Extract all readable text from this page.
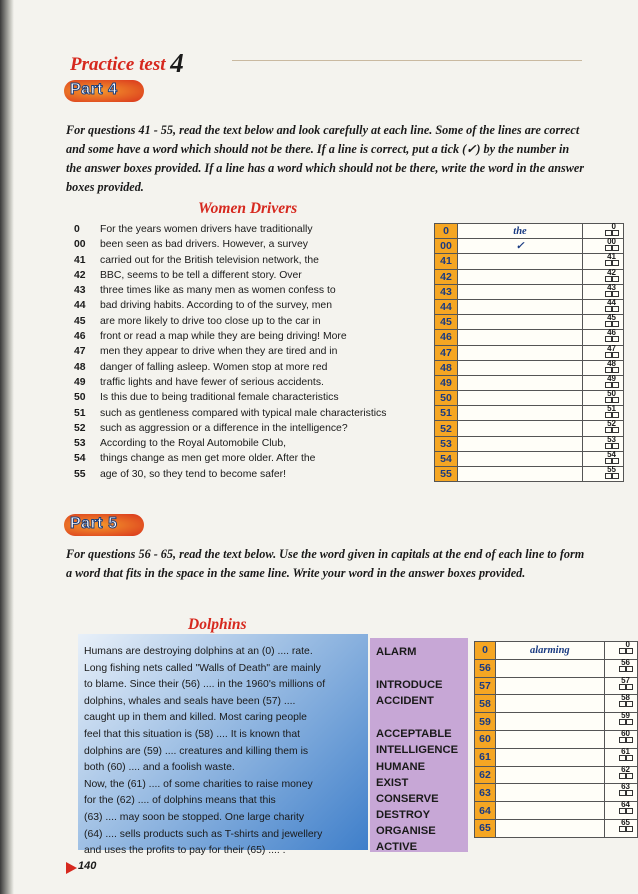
Practice test 4
Part 4
For questions 41 - 55, read the text below and look carefully at each line. Some of the lines are correct and some have a word which should not be there. If a line is correct, put a tick (✓) by the number in the answer boxes provided. If a line has a word which should not be there, write the word in the answer boxes provided.
Women Drivers
0 For the years women drivers have traditionally
00 been seen as bad drivers. However, a survey
41 carried out for the British television network, the
42 BBC, seems to be tell a different story. Over
43 three times like as many men as women confess to
44 bad driving habits. According to of the survey, men
45 are more likely to drive too close up to the car in
46 front or read a map while they are being driving! More
47 men they appear to drive when they are tired and in
48 danger of falling asleep. Women stop at more red
49 traffic lights and have fewer of serious accidents.
50 Is this due to being traditional female characteristics
51 such as gentleness compared with typical male characteristics
52 such as aggression or a difference in the intelligence?
53 According to the Royal Automobile Club,
54 things change as men get more older. After the
55 age of 30, so they tend to become safer!
0	the	0

00	✓	00

41		41

42		42

43		43

44		44

45		45

46		46

47		47

48		48

49		49

50		50

51		51

52		52

53		53

54		54

55		55
Part 5
For questions 56 - 65, read the text below. Use the word given in capitals at the end of each line to form a word that fits in the space in the same line. Write your word in the answer boxes provided.
Dolphins
Humans are destroying dolphins at an (0) .... rate.
Long fishing nets called "Walls of Death" are mainly
to blame. Since their (56) .... in the 1960's millions of
dolphins, whales and seals have been (57) ....
caught up in them and killed. Most caring people
feel that this situation is (58) .... It is known that
dolphins are (59) .... creatures and killing them is
both (60) .... and a foolish waste.
Now, the (61) .... of some charities to raise money
for the (62) .... of dolphins means that this
(63) .... may soon be stopped. One large charity
(64) .... sells products such as T-shirts and jewellery
and uses the profits to pay for their (65) .... .
ALARM
INTRODUCE
ACCIDENT
ACCEPTABLE
INTELLIGENCE
HUMANE
EXIST
CONSERVE
DESTROY
ORGANISE
ACTIVE
0	alarming	0

56		56

57		57

58		58

59		59

60		60

61		61

62		62

63		63

64		64

65		65
140
